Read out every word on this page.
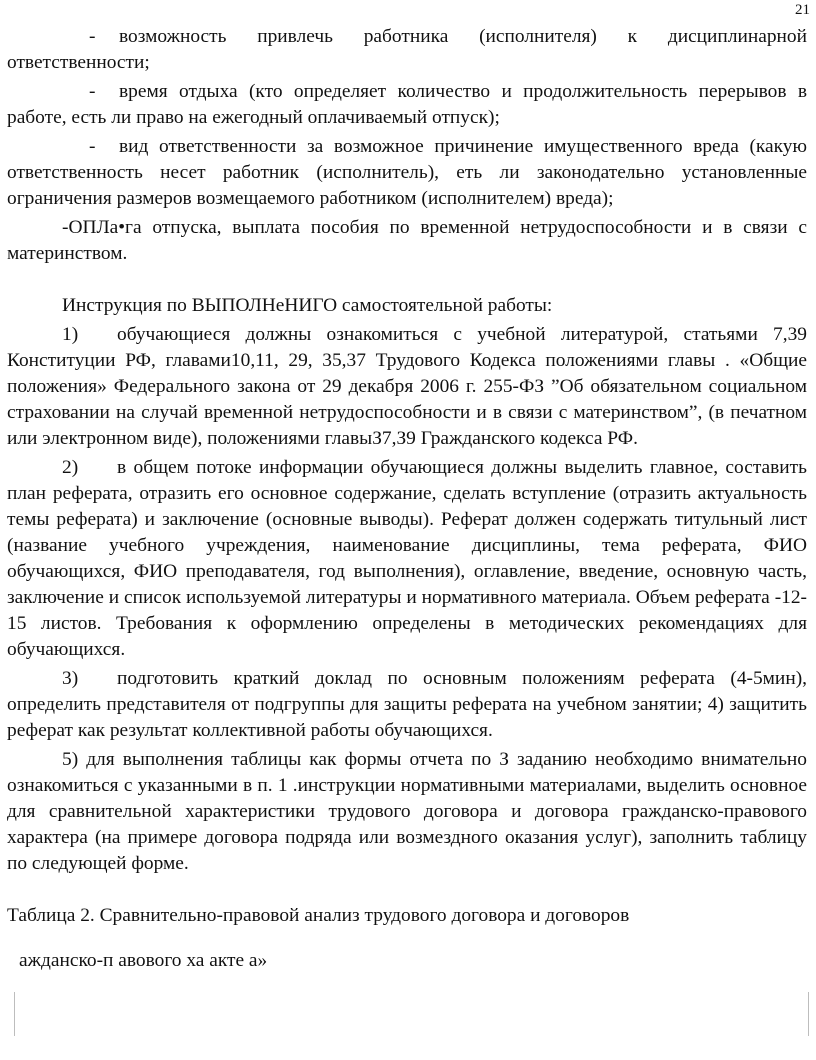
21

- возможность привлечь работника (исполнителя) к дисциплинарной ответственности;

- время отдыха (кто определяет количество и продолжительность перерывов в работе, есть ли право на ежегодный оплачиваемый отпуск);

- вид ответственности за возможное причинение имущественного вреда (какую ответственность несет работник (исполнитель), еть ли законодательно установленные ограничения размеров возмещаемого работником (исполнителем) вреда);

-ОПЛа•га отпуска, выплата пособия по временной нетрудоспособности и в связи с материнством.

Инструкция по ВЫПОЛНеНИГО самостоятельной работы:

1) обучающиеся должны ознакомиться с учебной литературой, статьями 7,39 Конституции РФ, главами10,11, 29, 35,37 Трудового Кодекса положениями главы . «Общие положения» Федерального закона от 29 декабря 2006 г. 255-ФЗ ”Об обязательном социальном страховании на случай временной нетрудоспособности и в связи с материнством”, (в печатном или электронном виде), положениями главыЗ7,З9 Гражданского кодекса РФ.

2) в общем потоке информации обучающиеся должны выделить главное, составить план реферата, отразить его основное содержание, сделать вступление (отразить актуальность темы реферата) и заключение (основные выводы). Реферат должен содержать титульный лист (название учебного учреждения, наименование дисциплины, тема реферата, ФИО обучающихся, ФИО преподавателя, год выполнения), оглавление, введение, основную часть, заключение и список используемой литературы и нормативного материала. Объем реферата -12-15 листов. Требования к оформлению определены в методических рекомендациях для обучающихся.

3) подготовить краткий доклад по основным положениям реферата (4-5мин), определить представителя от подгруппы для защиты реферата на учебном занятии; 4) защитить реферат как результат коллективной работы обучающихся.

5) для выполнения таблицы как формы отчета по З заданию необходимо внимательно ознакомиться с указанными в п. 1 .инструкции нормативными материалами, выделить основное для сравнительной характеристики трудового договора и договора гражданско-правового характера (на примере договора подряда или возмездного оказания услуг), заполнить таблицу по следующей форме.

Таблица 2. Сравнительно-правовой анализ трудового договора и договоров

ажданско-п авового ха акте а»
